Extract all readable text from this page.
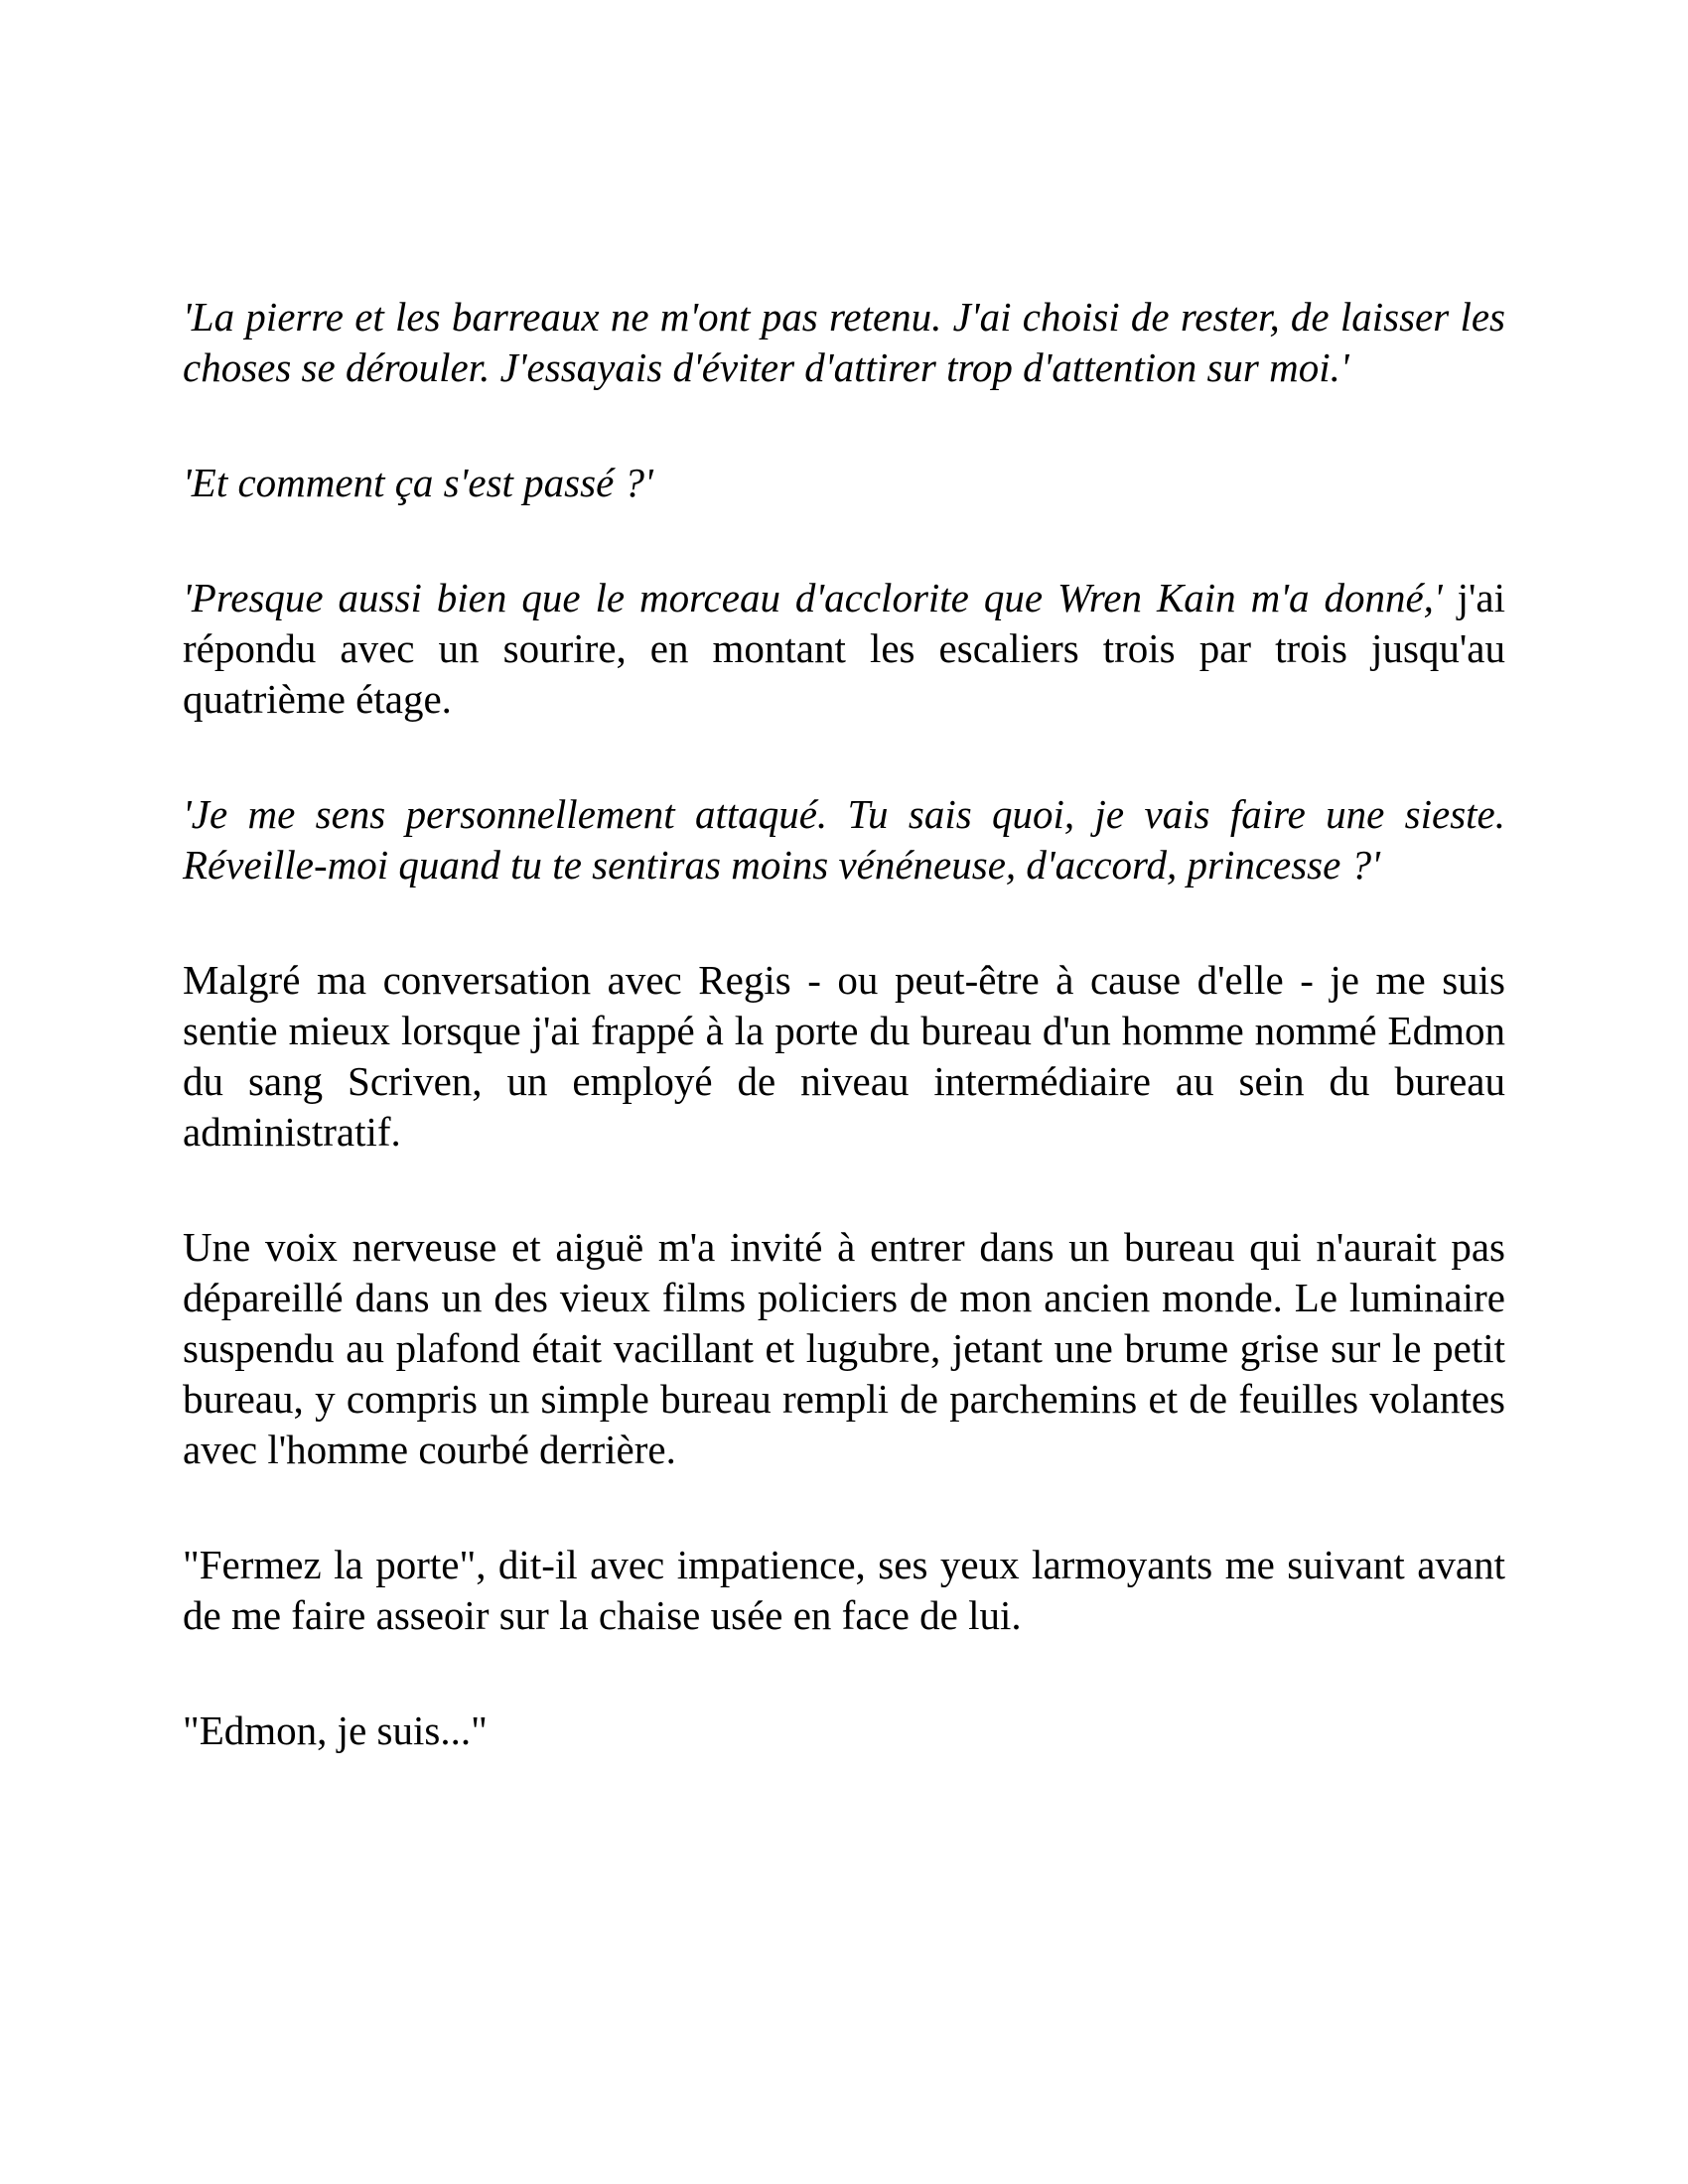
'La pierre et les barreaux ne m'ont pas retenu. J'ai choisi de rester, de laisser les choses se dérouler. J'essayais d'éviter d'attirer trop d'attention sur moi.'

'Et comment ça s'est passé ?'

'Presque aussi bien que le morceau d'acclorite que Wren Kain m'a donné,' j'ai répondu avec un sourire, en montant les escaliers trois par trois jusqu'au quatrième étage.

'Je me sens personnellement attaqué. Tu sais quoi, je vais faire une sieste. Réveille-moi quand tu te sentiras moins vénéneuse, d'accord, princesse ?'

Malgré ma conversation avec Regis - ou peut-être à cause d'elle - je me suis sentie mieux lorsque j'ai frappé à la porte du bureau d'un homme nommé Edmon du sang Scriven, un employé de niveau intermédiaire au sein du bureau administratif.

Une voix nerveuse et aiguë m'a invité à entrer dans un bureau qui n'aurait pas dépareillé dans un des vieux films policiers de mon ancien monde. Le luminaire suspendu au plafond était vacillant et lugubre, jetant une brume grise sur le petit bureau, y compris un simple bureau rempli de parchemins et de feuilles volantes avec l'homme courbé derrière.

"Fermez la porte", dit-il avec impatience, ses yeux larmoyants me suivant avant de me faire asseoir sur la chaise usée en face de lui.

"Edmon, je suis..."
